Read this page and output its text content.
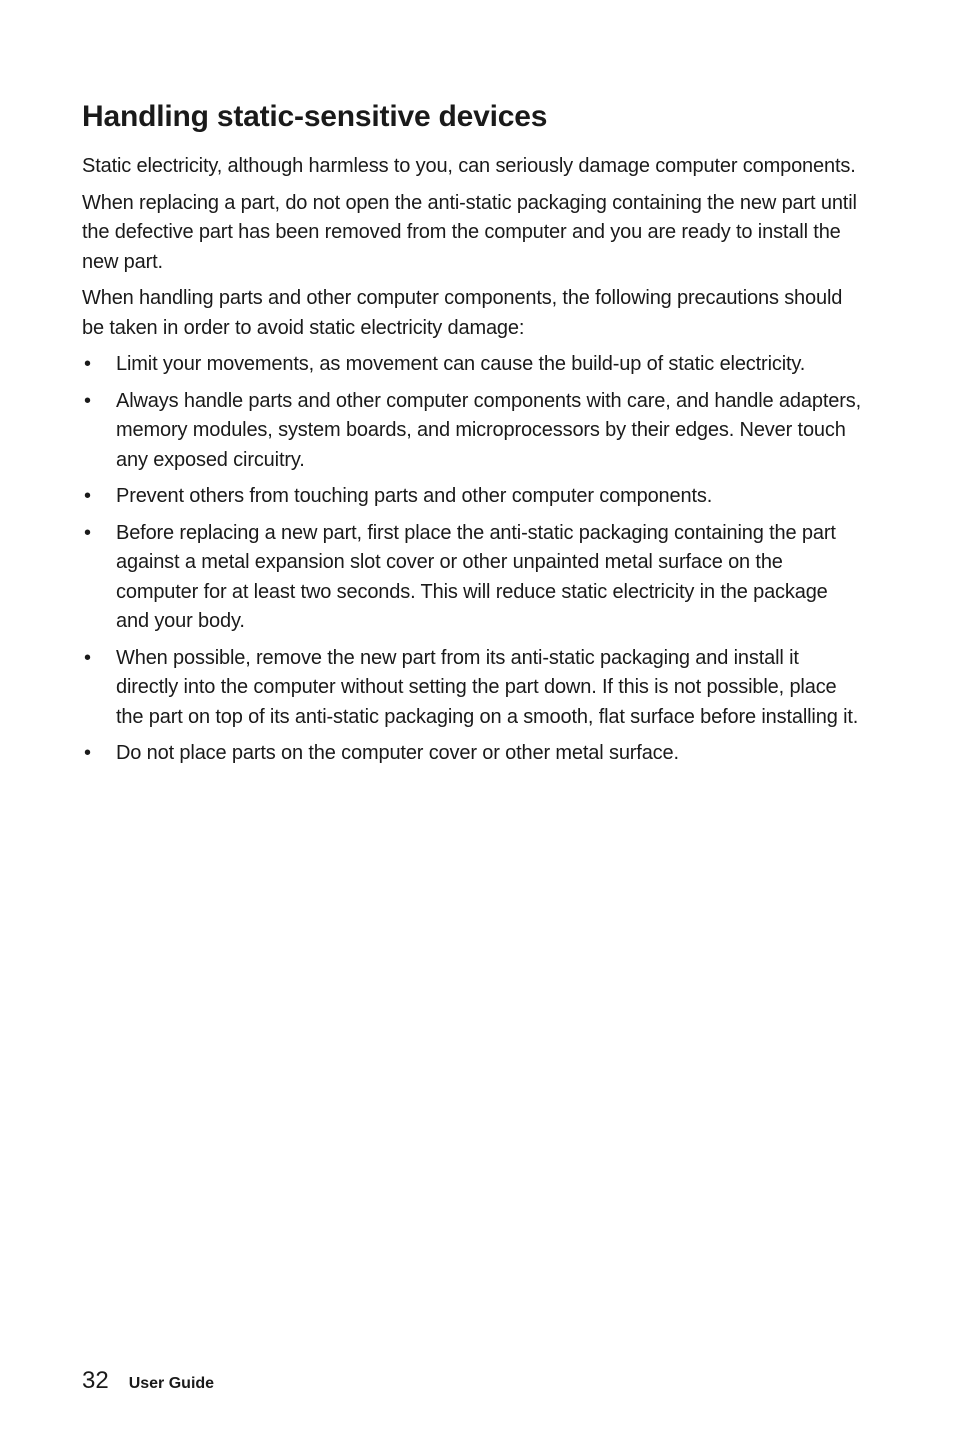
Handling static-sensitive devices

Static electricity, although harmless to you, can seriously damage computer components.

When replacing a part, do not open the anti-static packaging containing the new part until the defective part has been removed from the computer and you are ready to install the new part.

When handling parts and other computer components, the following precautions should be taken in order to avoid static electricity damage:

•	Limit your movements, as movement can cause the build-up of static electricity.
•	Always handle parts and other computer components with care, and handle adapters, memory modules, system boards, and microprocessors by their edges. Never touch any exposed circuitry.
•	Prevent others from touching parts and other computer components.
•	Before replacing a new part, first place the anti-static packaging containing the part against a metal expansion slot cover or other unpainted metal surface on the computer for at least two seconds. This will reduce static electricity in the package and your body.
•	When possible, remove the new part from its anti-static packaging and install it directly into the computer without setting the part down. If this is not possible, place the part on top of its anti-static packaging on a smooth, flat surface before installing it.
•	Do not place parts on the computer cover or other metal surface.
32 User Guide
